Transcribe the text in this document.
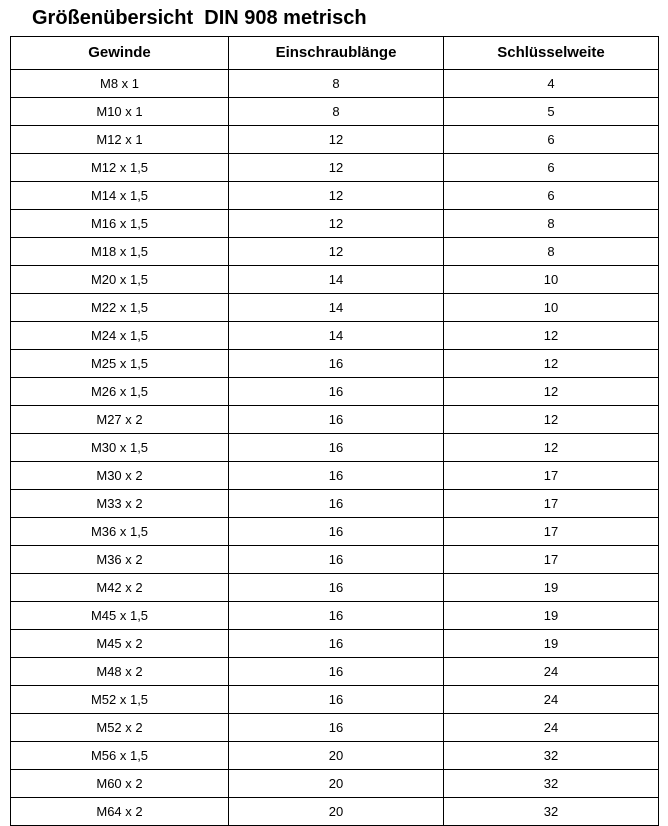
Größenübersicht  DIN 908 metrisch
Gewinde	Einschraublänge	Schlüsselweite
M8 x 1	8	4
M10 x 1	8	5
M12 x 1	12	6
M12 x 1,5	12	6
M14 x 1,5	12	6
M16 x 1,5	12	8
M18 x 1,5	12	8
M20 x 1,5	14	10
M22 x 1,5	14	10
M24 x 1,5	14	12
M25 x 1,5	16	12
M26 x 1,5	16	12
M27 x 2	16	12
M30 x 1,5	16	12
M30 x 2	16	17
M33 x 2	16	17
M36 x 1,5	16	17
M36 x 2	16	17
M42 x 2	16	19
M45 x 1,5	16	19
M45 x 2	16	19
M48 x 2	16	24
M52 x 1,5	16	24
M52 x 2	16	24
M56 x 1,5	20	32
M60 x 2	20	32
M64 x 2	20	32
